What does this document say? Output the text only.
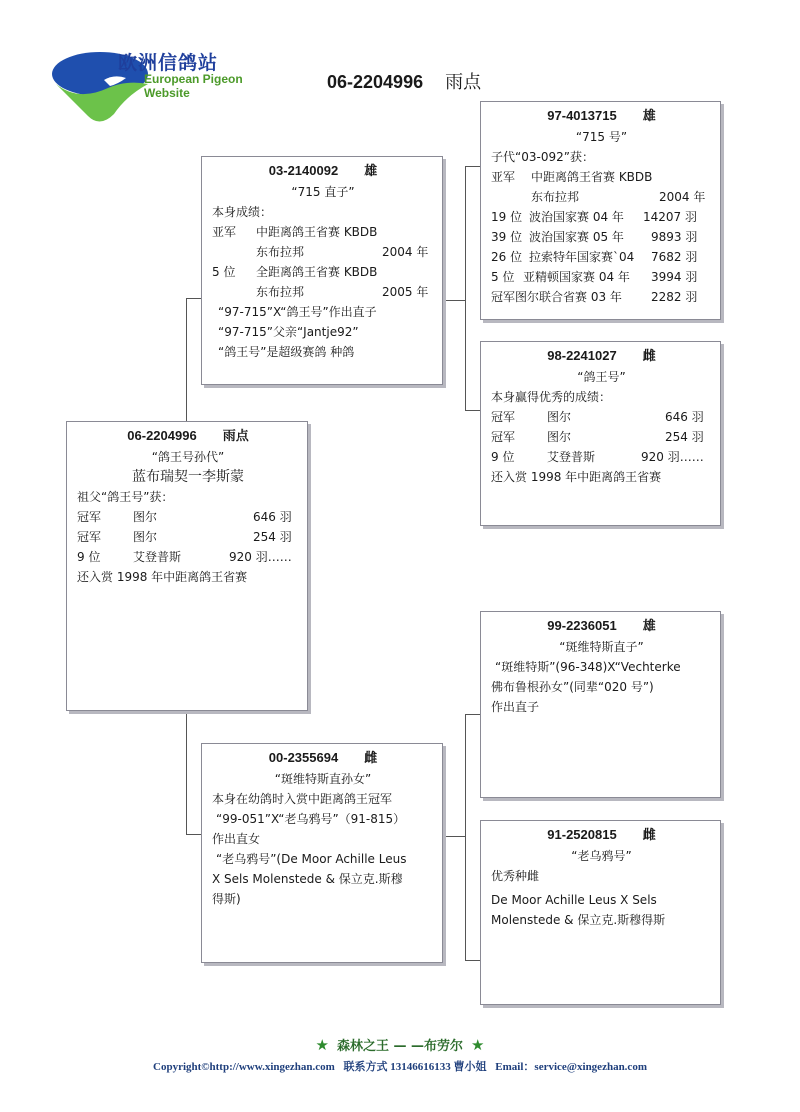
欧洲信鸽站
European Pigeon
Website
06-2204996 雨点
06-2204996 雨点
“鸽王号孙代”
蓝布瑞契一李斯蒙
祖父“鸽王号”获：
冠军	图尔	646 羽
冠军	图尔	254 羽
9 位	艾登普斯	920 羽……
还入赏 1998 年中距离鸽王省赛
03-2140092 雄
“715 直子”
本身成绩：
亚军 中距离鸽王省赛 KBDB
东布拉邦	2004 年
5 位 全距离鸽王省赛 KBDB
东布拉邦	2005 年
“97-715”X“鸽王号”作出直子
“97-715”父亲“Jantje92”
“鸽王号”是超级赛鸽 种鸽
00-2355694 雌
“斑维特斯直孙女”
本身在幼鸽时入赏中距离鸽王冠军
“99-051”X“老乌鸦号”（91-815）
作出直女
“老乌鸦号”(De Moor Achille Leus
X Sels Molenstede & 保立克.斯穆
得斯)
97-4013715 雄
“715 号”
子代“03-092”获：
亚军 中距离鸽王省赛 KBDB
东布拉邦	2004 年
19 位 波治国家赛 04 年 14207 羽
39 位 波治国家赛 05 年 9893 羽
26 位 拉索特年国家赛`04 7682 羽
5 位 亚精顿国家赛 04 年 3994 羽
冠军图尔联合省赛 03 年 2282 羽
98-2241027 雌
“鸽王号”
本身赢得优秀的成绩：
冠军	图尔	646 羽
冠军	图尔	254 羽
9 位	艾登普斯	920 羽……
还入赏 1998 年中距离鸽王省赛
99-2236051 雄
“斑维特斯直子”
“斑维特斯”(96-348)X“Vechterke
佛布鲁根孙女”(同辈“020 号”)
作出直子
91-2520815 雌
“老乌鸦号”
优秀种雌
De Moor Achille Leus X Sels
Molenstede & 保立克.斯穆得斯
★ 森林之王 — —布劳尔 ★
Copyright©http://www.xingezhan.com 联系方式 13146616133 曹小姐 Email：service@xingezhan.com
